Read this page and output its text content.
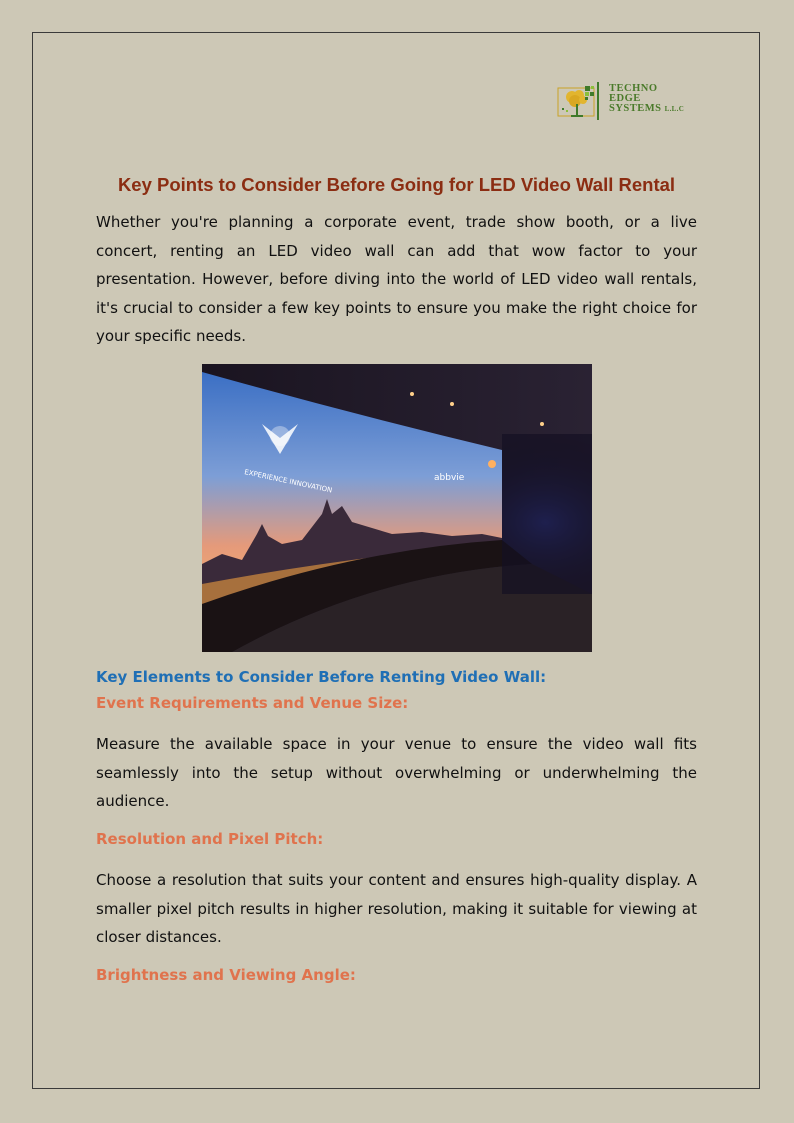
TECHNO
EDGE
SYSTEMS L.L.C
Key Points to Consider Before Going for LED Video Wall Rental

Whether you're planning a corporate event, trade show booth, or a live concert, renting an LED video wall can add that wow factor to your presentation. However, before diving into the world of LED video wall rentals, it's crucial to consider a few key points to ensure you make the right choice for your specific needs.

EXPERIENCE INNOVATION	abbvie

Key Elements to Consider Before Renting Video Wall:

Event Requirements and Venue Size:

Measure the available space in your venue to ensure the video wall fits seamlessly into the setup without overwhelming or underwhelming the audience.

Resolution and Pixel Pitch:

Choose a resolution that suits your content and ensures high-quality display. A smaller pixel pitch results in higher resolution, making it suitable for viewing at closer distances.

Brightness and Viewing Angle:
